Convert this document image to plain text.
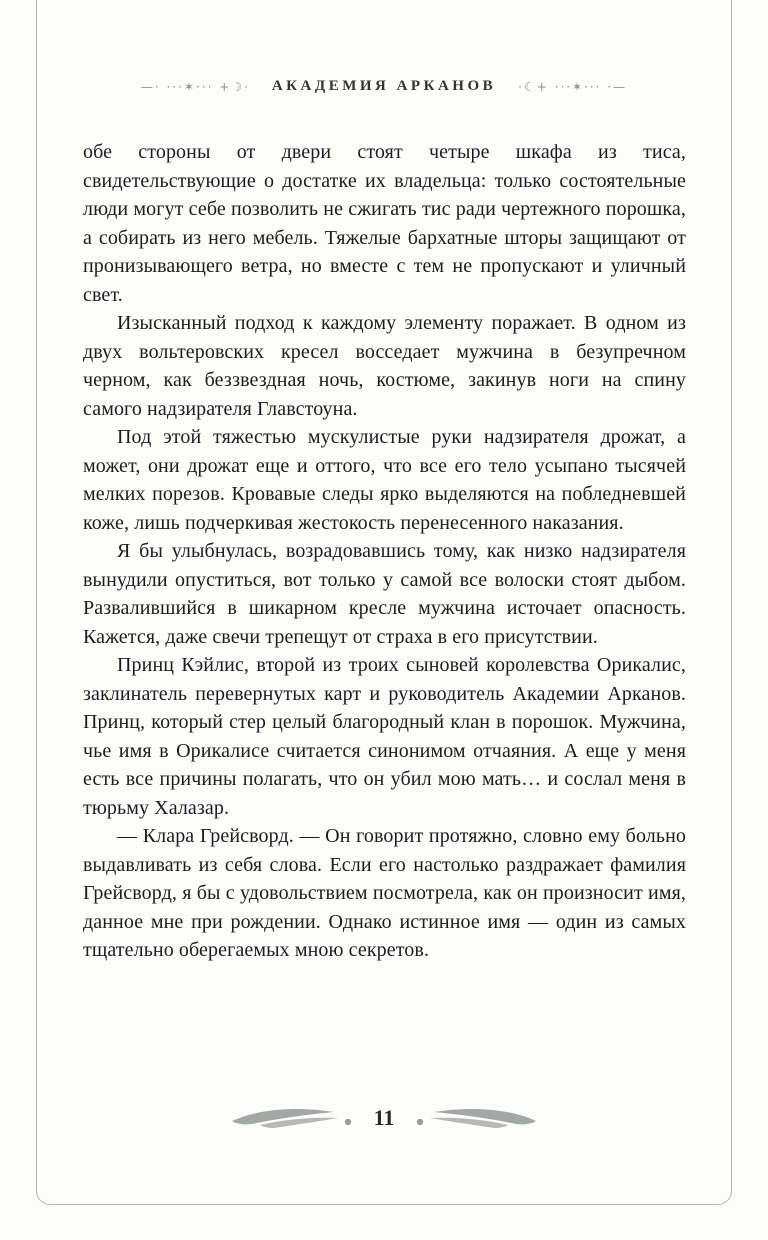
—· ···✶··· +☽· АКАДЕМИЯ АРКАНОВ ·☾+ ···✶··· ·—

обе стороны от двери стоят четыре шкафа из тиса, свидетельствующие о достатке их владельца: только состоятельные люди могут себе позволить не сжигать тис ради чертежного порошка, а собирать из него мебель. Тяжелые бархатные шторы защищают от пронизывающего ветра, но вместе с тем не пропускают и уличный свет.

Изысканный подход к каждому элементу поражает. В одном из двух вольтеровских кресел восседает мужчина в безупречном черном, как беззвездная ночь, костюме, закинув ноги на спину самого надзирателя Главстоуна.

Под этой тяжестью мускулистые руки надзирателя дрожат, а может, они дрожат еще и оттого, что все его тело усыпано тысячей мелких порезов. Кровавые следы ярко выделяются на побледневшей коже, лишь подчеркивая жестокость перенесенного наказания.

Я бы улыбнулась, возрадовавшись тому, как низко надзирателя вынудили опуститься, вот только у самой все волоски стоят дыбом. Развалившийся в шикарном кресле мужчина источает опасность. Кажется, даже свечи трепещут от страха в его присутствии.

Принц Кэйлис, второй из троих сыновей королевства Орикалис, заклинатель перевернутых карт и руководитель Академии Арканов. Принц, который стер целый благородный клан в порошок. Мужчина, чье имя в Орикалисе считается синонимом отчаяния. А еще у меня есть все причины полагать, что он убил мою мать… и сослал меня в тюрьму Халазар.

— Клара Грейсворд. — Он говорит протяжно, словно ему больно выдавливать из себя слова. Если его настолько раздражает фамилия Грейсворд, я бы с удовольствием посмотрела, как он произносит имя, данное мне при рождении. Однако истинное имя — один из самых тщательно оберегаемых мною секретов.

11
